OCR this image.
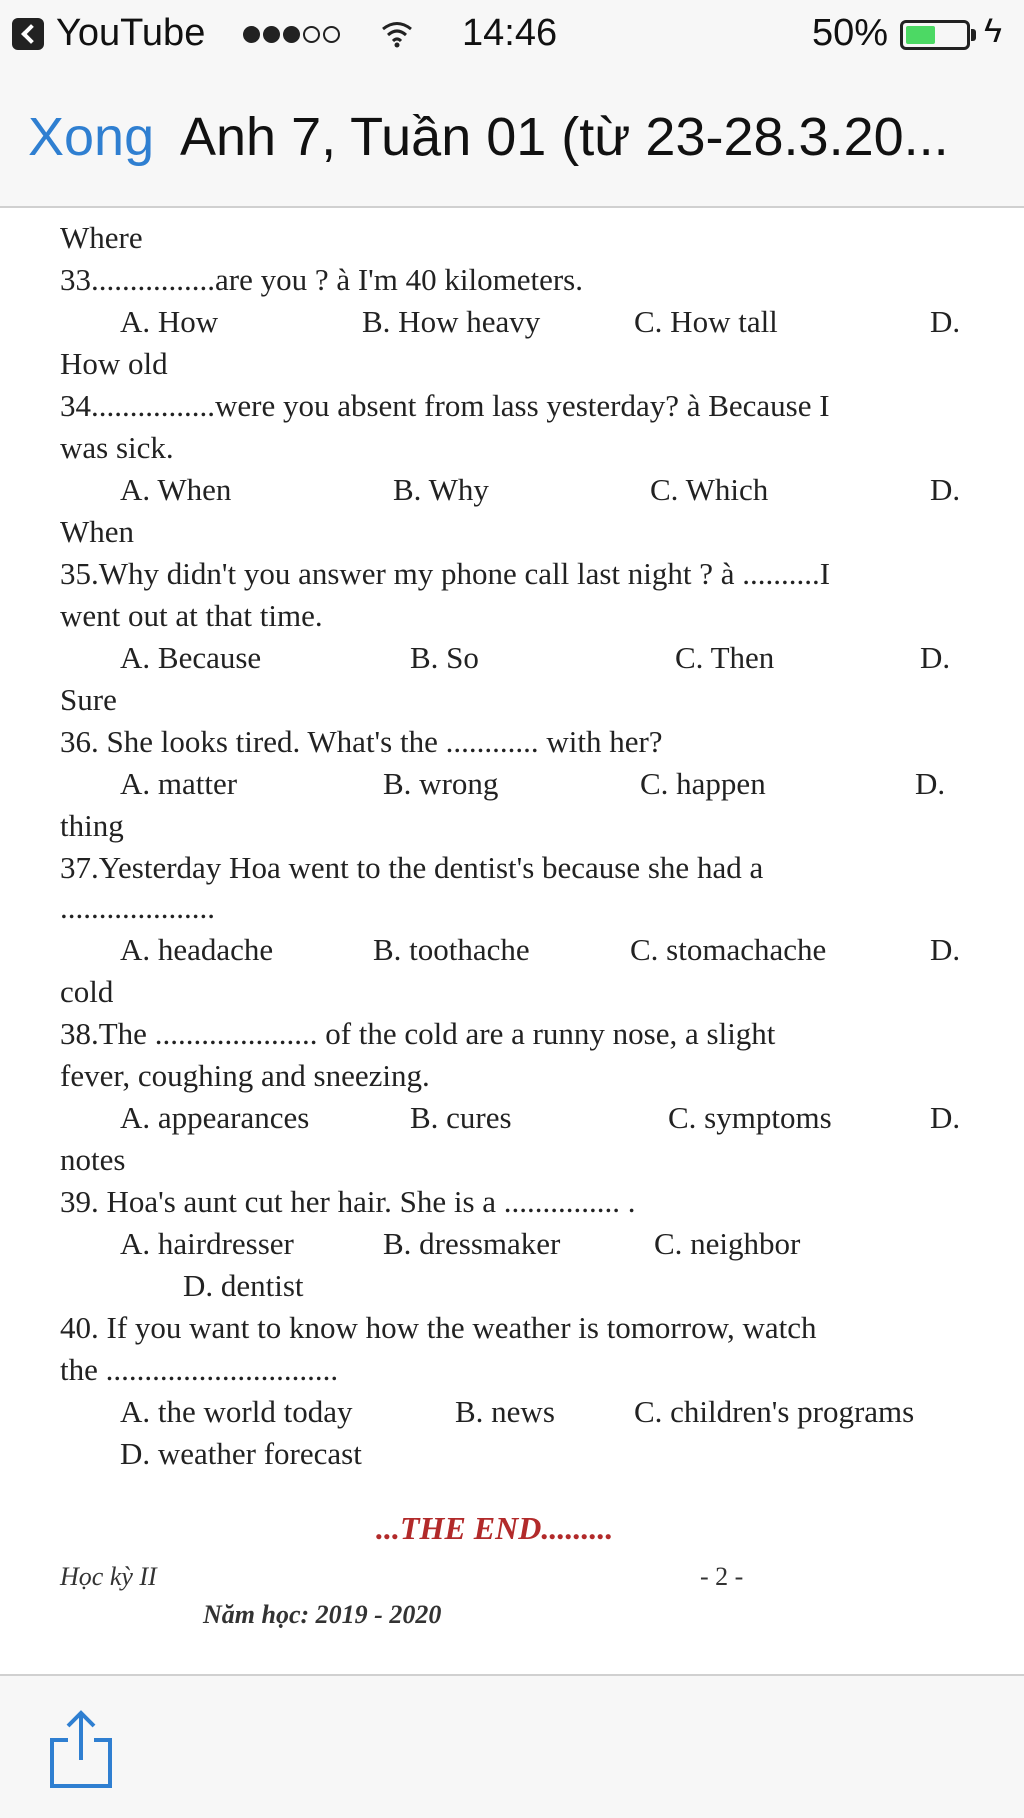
YouTube	14:46	50%	ϟ
Xong Anh 7, Tuần 01 (từ 23-28.3.20...
Where
33................are you ? à I'm 40 kilometers.
A. How	B. How heavy	C. How tall	D.
How old
34................were you absent from lass yesterday? à Because I
was sick.
A. When	B. Why	C. Which	D.
When
35.Why didn't you answer my phone call last night ? à ..........I
went out at that time.
A. Because	B. So	C. Then	D.
Sure
36. She looks tired. What's the ............ with her?
A. matter	B. wrong	C. happen	D.
thing
37.Yesterday Hoa went to the dentist's because she had a
....................
A. headache	B. toothache	C. stomachache	D.
cold
38.The ..................... of the cold are a runny nose, a slight
fever, coughing and sneezing.
A. appearances	B. cures	C. symptoms	D.
notes
39. Hoa's aunt cut her hair. She is a ............... .
A. hairdresser	B. dressmaker	C. neighbor
D. dentist
40. If you want to know how the weather is tomorrow, watch
the ..............................
A. the world today	B. news	C. children's programs
D. weather forecast
...THE END.........
Học kỳ II	- 2 -
Năm học: 2019 - 2020
